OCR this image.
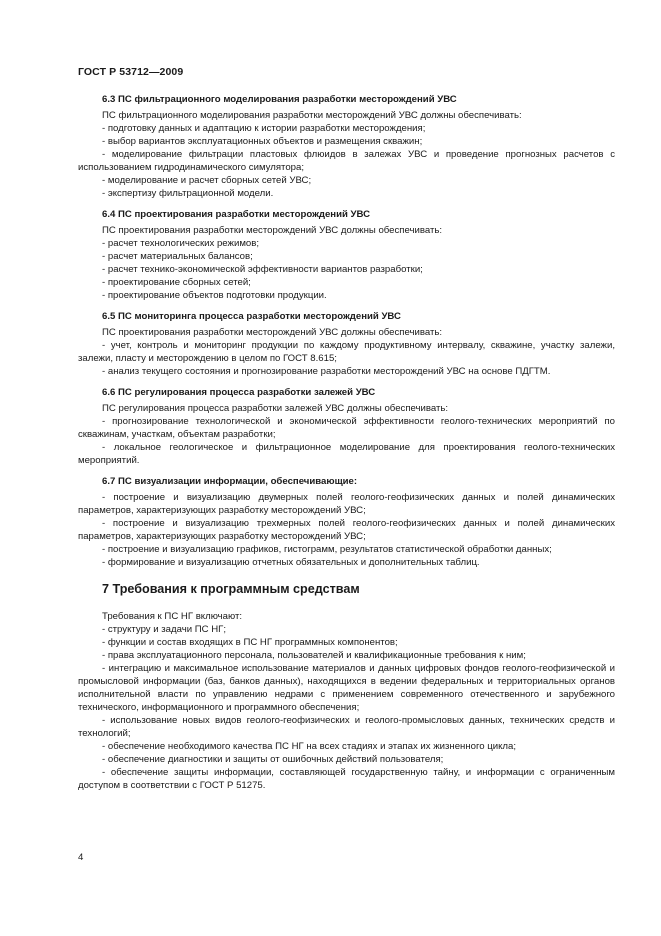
ГОСТ Р 53712—2009
6.3 ПС фильтрационного моделирования разработки месторождений УВС

ПС фильтрационного моделирования разработки месторождений УВС должны обеспечивать:

- подготовку данных и адаптацию к истории разработки месторождения;

- выбор вариантов эксплуатационных объектов и размещения скважин;

- моделирование фильтрации пластовых флюидов в залежах УВС и проведение прогнозных расчетов с использованием гидродинамического симулятора;

- моделирование и расчет сборных сетей УВС;

- экспертизу фильтрационной модели.

6.4 ПС проектирования разработки месторождений УВС

ПС проектирования разработки месторождений УВС должны обеспечивать:

- расчет технологических режимов;

- расчет материальных балансов;

- расчет технико-экономической эффективности вариантов разработки;

- проектирование сборных сетей;

- проектирование объектов подготовки продукции.

6.5 ПС мониторинга процесса разработки месторождений УВС

ПС проектирования разработки месторождений УВС должны обеспечивать:

- учет, контроль и мониторинг продукции по каждому продуктивному интервалу, скважине, участку залежи, залежи, пласту и месторождению в целом по ГОСТ 8.615;

- анализ текущего состояния и прогнозирование разработки месторождений УВС на основе ПДГТМ.

6.6 ПС регулирования процесса разработки залежей УВС

ПС регулирования процесса разработки залежей УВС должны обеспечивать:

- прогнозирование технологической и экономической эффективности геолого-технических мероприятий по скважинам, участкам, объектам разработки;

- локальное геологическое и фильтрационное моделирование для проектирования геолого-технических мероприятий.

6.7 ПС визуализации информации, обеспечивающие:

- построение и визуализацию двумерных полей геолого-геофизических данных и полей динамических параметров, характеризующих разработку месторождений УВС;

- построение и визуализацию трехмерных полей геолого-геофизических данных и полей динамических параметров, характеризующих разработку месторождений УВС;

- построение и визуализацию графиков, гистограмм, результатов статистической обработки данных;

- формирование и визуализацию отчетных обязательных и дополнительных таблиц.

7 Требования к программным средствам

Требования к ПС НГ включают:

- структуру и задачи ПС НГ;

- функции и состав входящих в ПС НГ программных компонентов;

- права эксплуатационного персонала, пользователей и квалификационные требования к ним;

- интеграцию и максимальное использование материалов и данных цифровых фондов геолого-геофизической и промысловой информации (баз, банков данных), находящихся в ведении федеральных и территориальных органов исполнительной власти по управлению недрами с применением современного отечественного и зарубежного технического, информационного и программного обеспечения;

- использование новых видов геолого-геофизических и геолого-промысловых данных, технических средств и технологий;

- обеспечение необходимого качества ПС НГ на всех стадиях и этапах их жизненного цикла;

- обеспечение диагностики и защиты от ошибочных действий пользователя;

- обеспечение защиты информации, составляющей государственную тайну, и информации с ограниченным доступом в соответствии с ГОСТ Р 51275.

4
